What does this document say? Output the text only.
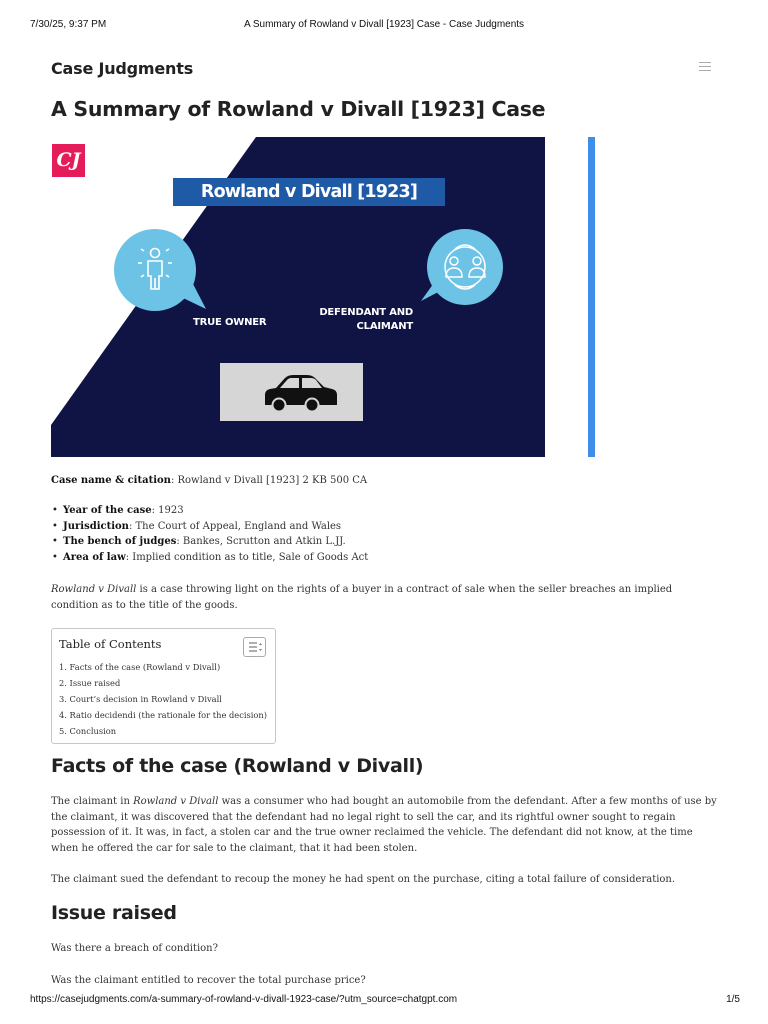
7/30/25, 9:37 PM	A Summary of Rowland v Divall [1923] Case - Case Judgments
Case Judgments
A Summary of Rowland v Divall [1923] Case
CJ
Rowland v Divall [1923]
TRUE OWNER
DEFENDANT AND
CLAIMANT

Case name & citation: Rowland v Divall [1923] 2 KB 500 CA

• Year of the case: 1923
• Jurisdiction: The Court of Appeal, England and Wales
• The bench of judges: Bankes, Scrutton and Atkin L.JJ.
• Area of law: Implied condition as to title, Sale of Goods Act

Rowland v Divall is a case throwing light on the rights of a buyer in a contract of sale when the seller breaches an implied condition as to the title of the goods.

Table of Contents
1. Facts of the case (Rowland v Divall)
2. Issue raised
3. Court’s decision in Rowland v Divall
4. Ratio decidendi (the rationale for the decision)
5. Conclusion
Facts of the case (Rowland v Divall)

The claimant in Rowland v Divall was a consumer who had bought an automobile from the defendant. After a few months of use by the claimant, it was discovered that the defendant had no legal right to sell the car, and its rightful owner sought to regain possession of it. It was, in fact, a stolen car and the true owner reclaimed the vehicle. The defendant did not know, at the time when he offered the car for sale to the claimant, that it had been stolen.

The claimant sued the defendant to recoup the money he had spent on the purchase, citing a total failure of consideration.

Issue raised

Was there a breach of condition?

Was the claimant entitled to recover the total purchase price?

https://casejudgments.com/a-summary-of-rowland-v-divall-1923-case/?utm_source=chatgpt.com	1/5
